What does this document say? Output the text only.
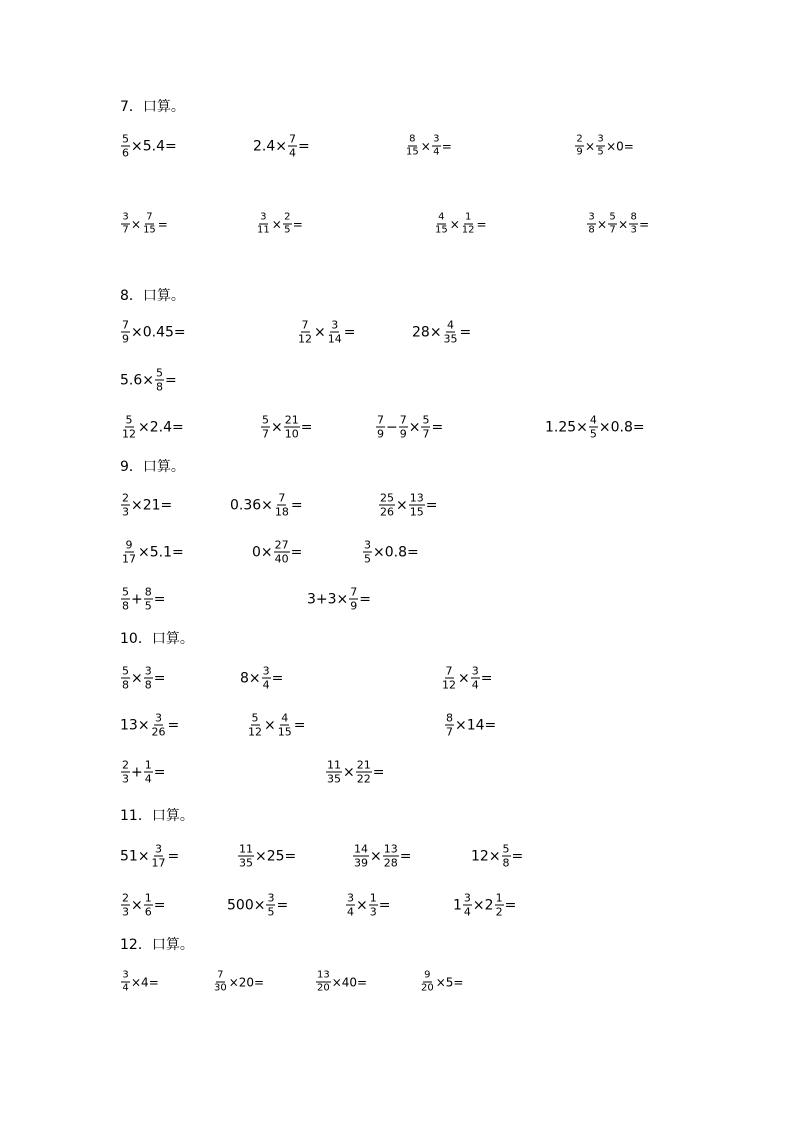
7．口算。
$\frac{5}{6} \times 5.4=$	$2.4\times \frac{7}{4}$ =	$\frac{8}{15} \times \frac{3}{4}$ =	$\frac{2}{9} \times \frac{3}{5} \times 0=$
$\frac{3}{7} \times \frac{7}{15}$ =	$\frac{3}{11} \times \frac{2}{5}$ =	$\frac{4}{15} \times \frac{1}{12}$ =	$\frac{3}{8} \times \frac{5}{7} \times \frac{8}{3}$ =
8．口算。
$\frac{7}{9} \times 0.45=$	$\frac{7}{12} \times \frac{3}{14}$ =	$28\times \frac{4}{35}$ =
$5.6\times \frac{5}{8}$ =
$\frac{5}{12} \times 2.4=$	$\frac{5}{7} \times \frac{21}{10}$ =	$\frac{7}{9} - \frac{7}{9} \times \frac{5}{7}$ =	$1.25\times \frac{4}{5} \times 0.8=$
9．口算。
$\frac{2}{3} \times 21=$	$0.36\times \frac{7}{18}$ =	$\frac{25}{26} \times \frac{13}{15}$ =
$\frac{9}{17} \times 5.1=$	$0\times \frac{27}{40}$ =	$\frac{3}{5} \times 0.8=$
$\frac{5}{8} + \frac{8}{5}$ =	$3+3\times \frac{7}{9}$ =
10．口算。
$\frac{5}{8} \times \frac{3}{8}$ =	$8\times \frac{3}{4}$ =	$\frac{7}{12} \times \frac{3}{4}$ =
$13\times \frac{3}{26}$ =	$\frac{5}{12} \times \frac{4}{15}$ =	$\frac{8}{7} \times 14=$
$\frac{2}{3} + \frac{1}{4}$ =	$\frac{11}{35} \times \frac{21}{22}$ =
11．口算。
$51\times \frac{3}{17}$ =	$\frac{11}{35} \times 25=$	$\frac{14}{39} \times \frac{13}{28}$ =	$12\times \frac{5}{8}$ =
$\frac{2}{3} \times \frac{1}{6}$ =	$500\times \frac{3}{5}$ =	$\frac{3}{4} \times \frac{1}{3}$ =	$1 \frac{3}{4} \times 2 \frac{1}{2}$ =
12．口算。
$\frac{3}{4} \times 4=$	$\frac{7}{30} \times 20=$	$\frac{13}{20} \times 40=$	$\frac{9}{20} \times 5=$
